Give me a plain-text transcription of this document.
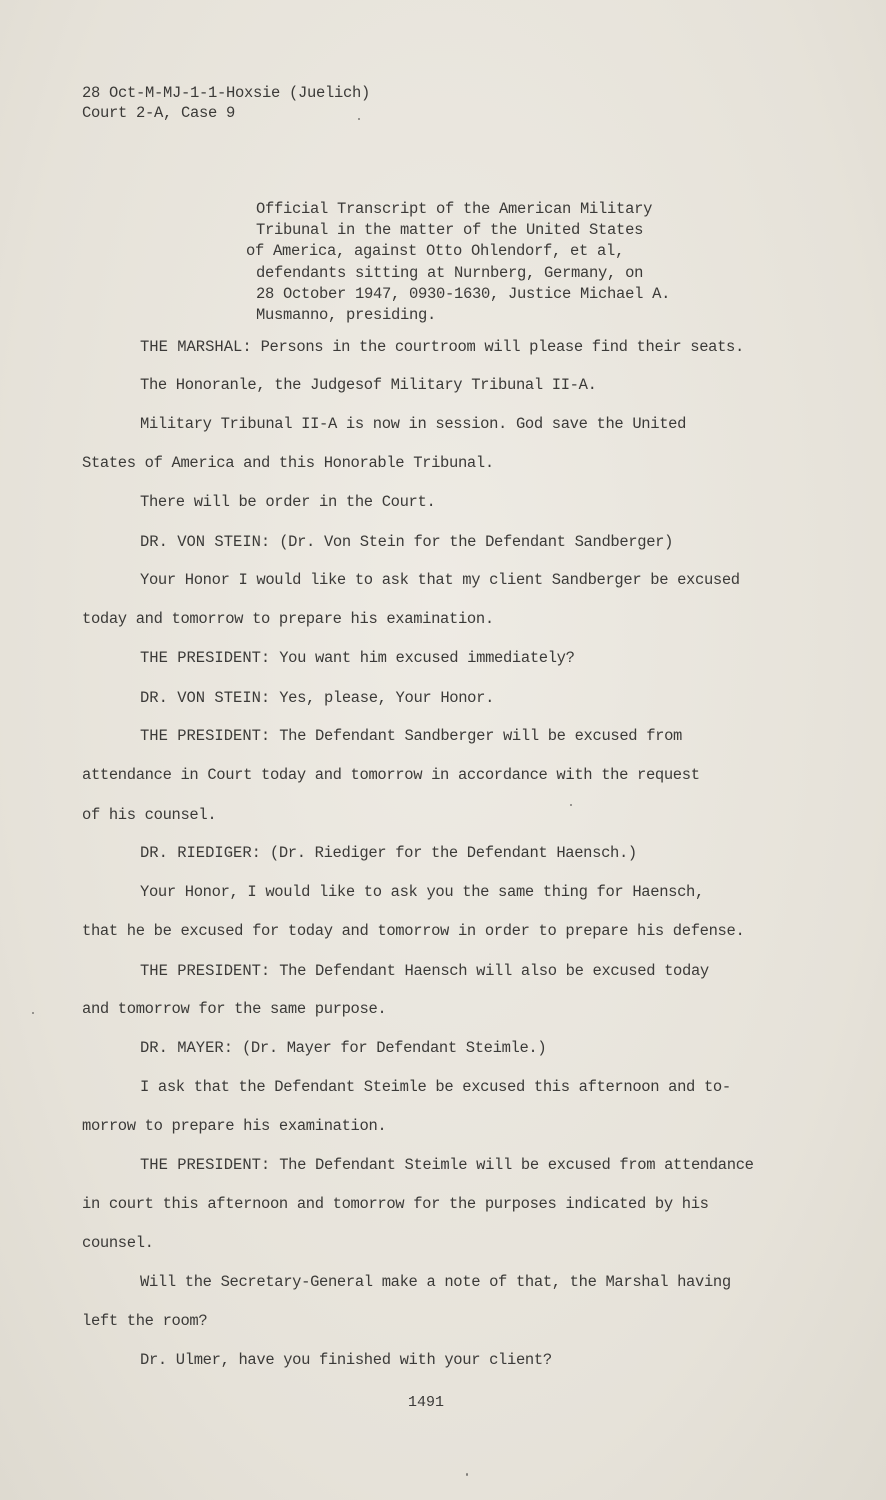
28 Oct-M-MJ-1-1-Hoxsie (Juelich)
Court 2-A, Case 9
Official Transcript of the American Military
Tribunal in the matter of the United States
of America, against Otto Ohlendorf, et al,
defendants sitting at Nurnberg, Germany, on
28 October 1947, 0930-1630, Justice Michael A.
Musmanno, presiding.
THE MARSHAL: Persons in the courtroom will please find their seats.
The Honoranle, the Judgesof Military Tribunal II-A.
Military Tribunal II-A is now in session. God save the United
States of America and this Honorable Tribunal.
There will be order in the Court.
DR. VON STEIN: (Dr. Von Stein for the Defendant Sandberger)
Your Honor I would like to ask that my client Sandberger be excused
today and tomorrow to prepare his examination.
THE PRESIDENT: You want him excused immediately?
DR. VON STEIN: Yes, please, Your Honor.
THE PRESIDENT: The Defendant Sandberger will be excused from
attendance in Court today and tomorrow in accordance with the request
of his counsel.
DR. RIEDIGER: (Dr. Riediger for the Defendant Haensch.)
Your Honor, I would like to ask you the same thing for Haensch,
that he be excused for today and tomorrow in order to prepare his defense.
THE PRESIDENT: The Defendant Haensch will also be excused today
and tomorrow for the same purpose.
DR. MAYER: (Dr. Mayer for Defendant Steimle.)
I ask that the Defendant Steimle be excused this afternoon and to-
morrow to prepare his examination.
THE PRESIDENT: The Defendant Steimle will be excused from attendance
in court this afternoon and tomorrow for the purposes indicated by his
counsel.
Will the Secretary-General make a note of that, the Marshal having
left the room?
Dr. Ulmer, have you finished with your client?
1491
